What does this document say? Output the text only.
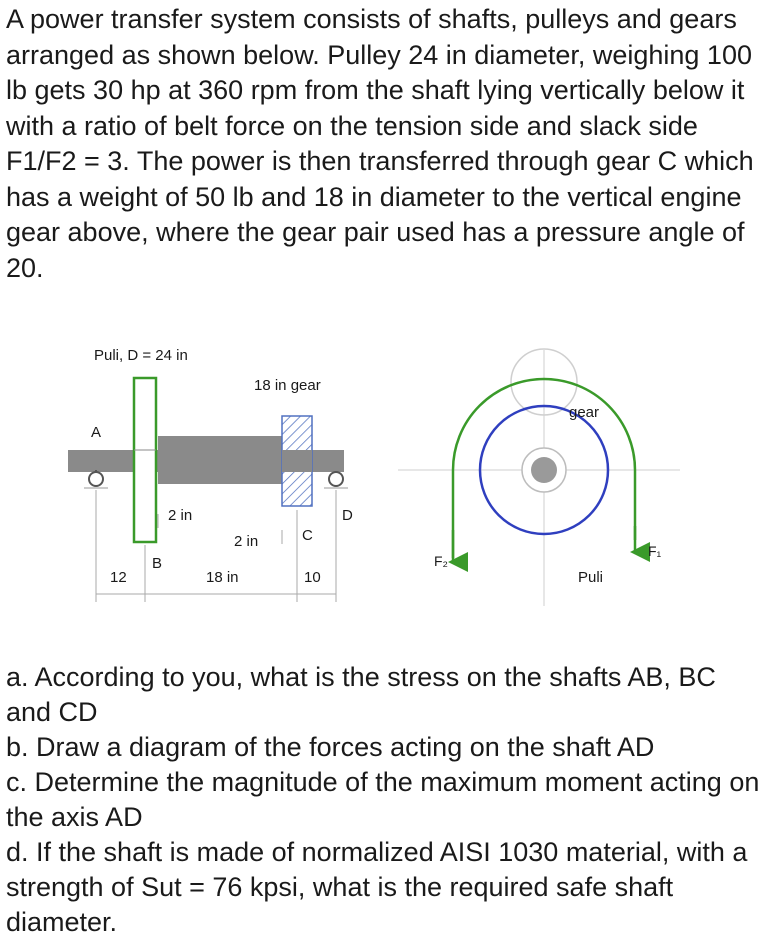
A power transfer system consists of shafts, pulleys and gears arranged as shown below. Pulley 24 in diameter, weighing 100 lb gets 30 hp at 360 rpm from the shaft lying vertically below it with a ratio of belt force on the tension side and slack side F1/F2 = 3. The power is then transferred through gear C which has a weight of 50 lb and 18 in diameter to the vertical engine gear above, where the gear pair used has a pressure angle of 20.
Puli, D = 24 in
18 in gear
A
2 in	D
C
2 in
B
12	18 in	10
gear
F₂
F₁
Puli

a. According to you, what is the stress on the shafts AB, BC and CD

b. Draw a diagram of the forces acting on the shaft AD

c. Determine the magnitude of the maximum moment acting on the axis AD

d. If the shaft is made of normalized AISI 1030 material, with a strength of Sut = 76 kpsi, what is the required safe shaft diameter.
